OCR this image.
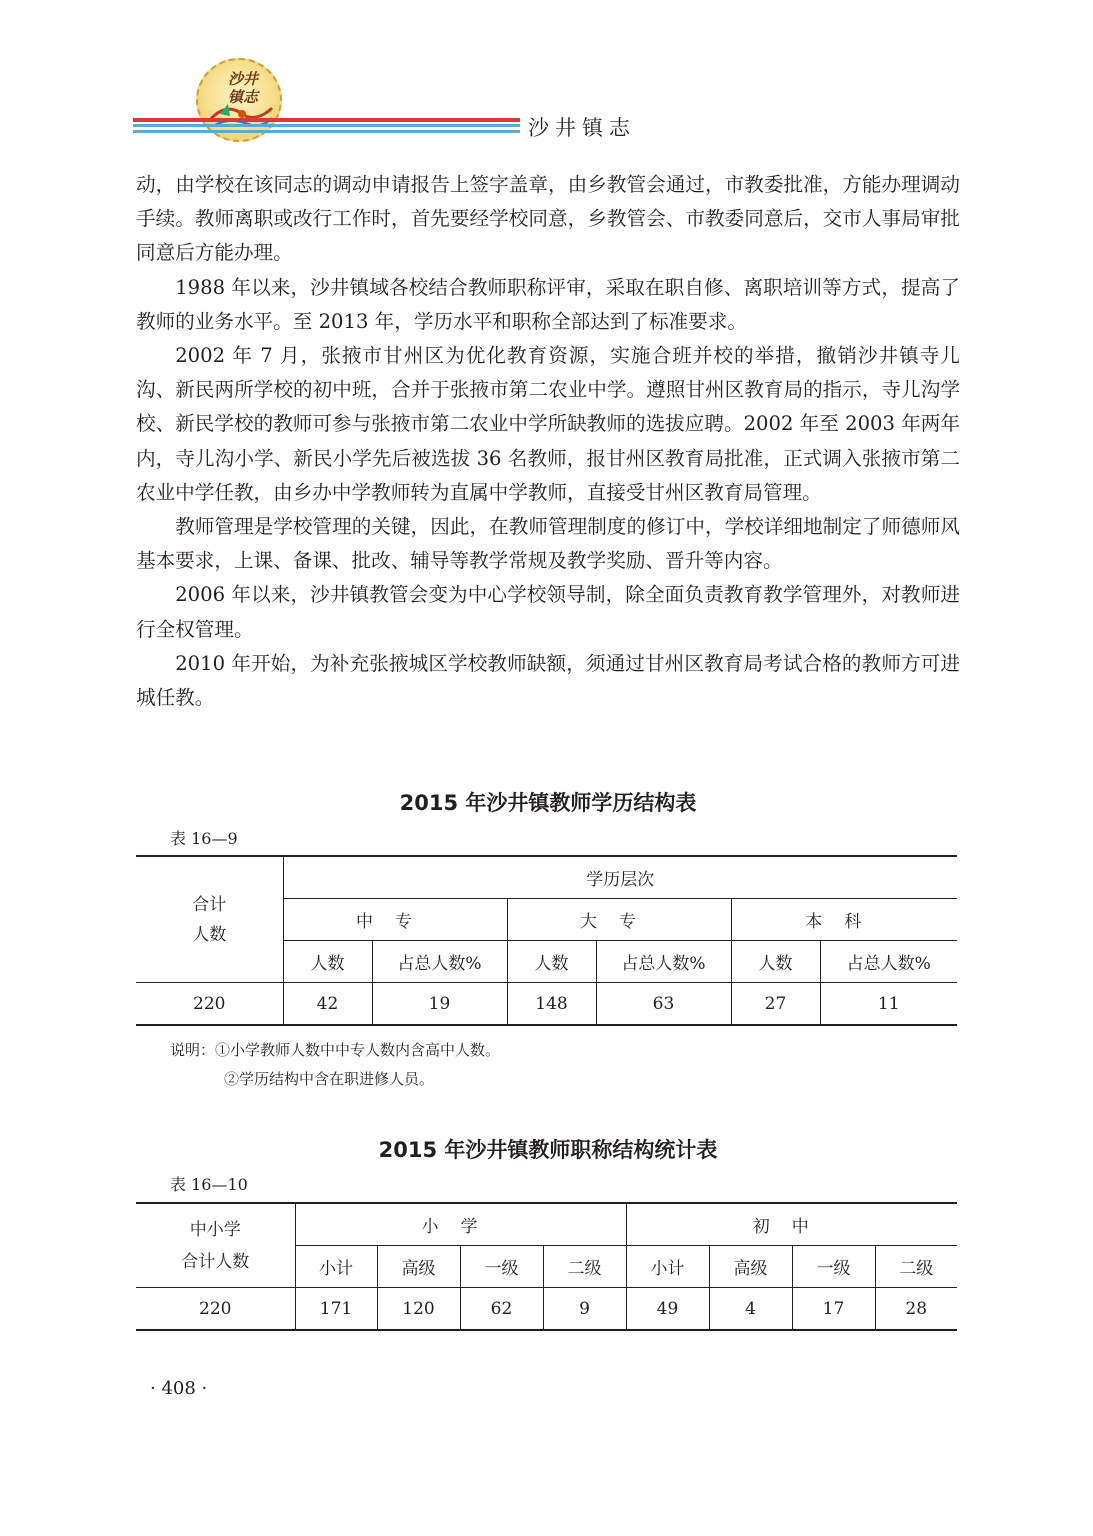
沙井
镇志
沙井镇志

动，由学校在该同志的调动申请报告上签字盖章，由乡教管会通过，市教委批准，方能办理调动手续。教师离职或改行工作时，首先要经学校同意，乡教管会、市教委同意后，交市人事局审批同意后方能办理。

1988 年以来，沙井镇域各校结合教师职称评审，采取在职自修、离职培训等方式，提高了教师的业务水平。至 2013 年，学历水平和职称全部达到了标准要求。

2002 年 7 月，张掖市甘州区为优化教育资源，实施合班并校的举措，撤销沙井镇寺儿沟、新民两所学校的初中班，合并于张掖市第二农业中学。遵照甘州区教育局的指示，寺儿沟学校、新民学校的教师可参与张掖市第二农业中学所缺教师的选拔应聘。2002 年至 2003 年两年内，寺儿沟小学、新民小学先后被选拔 36 名教师，报甘州区教育局批准，正式调入张掖市第二农业中学任教，由乡办中学教师转为直属中学教师，直接受甘州区教育局管理。

教师管理是学校管理的关键，因此，在教师管理制度的修订中，学校详细地制定了师德师风基本要求，上课、备课、批改、辅导等教学常规及教学奖励、晋升等内容。

2006 年以来，沙井镇教管会变为中心学校领导制，除全面负责教育教学管理外，对教师进行全权管理。

2010 年开始，为补充张掖城区学校教师缺额，须通过甘州区教育局考试合格的教师方可进城任教。

2015 年沙井镇教师学历结构表
表 16—9
合计人数	学历层次					
	中专		大专		本科	
	人数	占总人数%	人数	占总人数%	人数	占总人数%
220	42	19	148	63	27	11
说明：①小学教师人数中中专人数内含高中人数。
②学历结构中含在职进修人员。
2015 年沙井镇教师职称结构统计表
表 16—10
中小学
合计人数	小学				初中			
	小计	高级	一级	二级	小计	高级	一级	二级
220	171	120	62	9	49	4	17	28
· 408 ·
